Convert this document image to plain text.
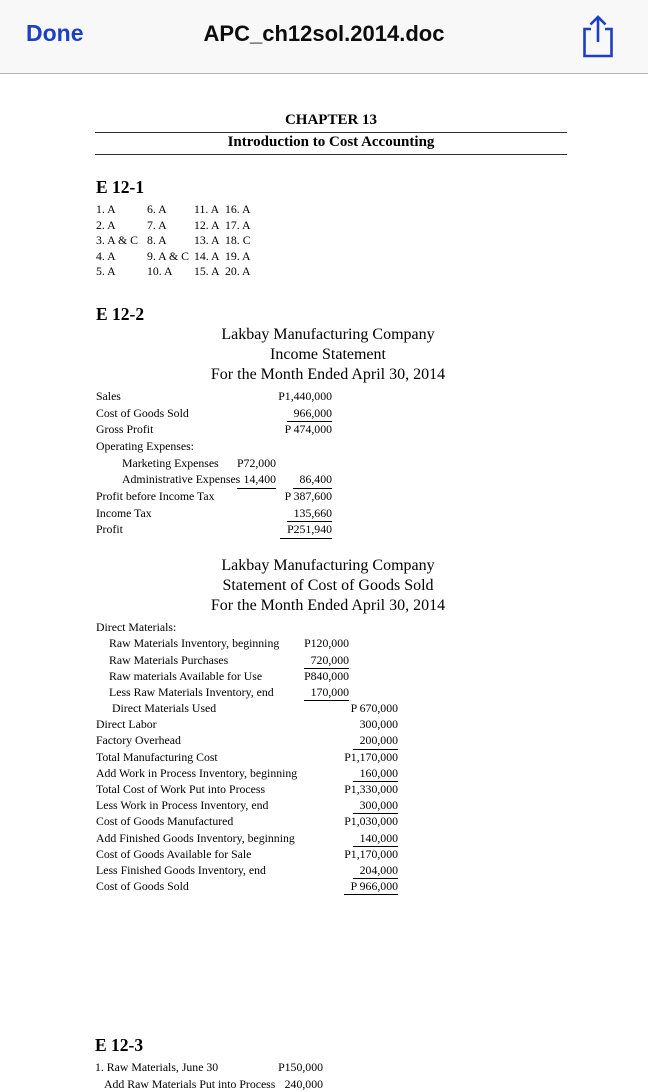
Done	APC_ch12sol.2014.doc
CHAPTER 13
Introduction to Cost Accounting
E 12-1
1. A	6. A	11. A 16. A
2. A	7. A	12. A 17. A
3. A & C 8. A	13. A 18. C
4. A	9. A & C 14. A 19. A
5. A	10. A	15. A 20. A
E 12-2
Lakbay Manufacturing Company
Income Statement
For the Month Ended April 30, 2014
Sales	P1,440,000
Cost of Goods Sold	966,000
Gross Profit	P 474,000
Operating Expenses:
Marketing Expenses P72,000
Administrative Expenses 14,400	86,400
Profit before Income Tax	P 387,600
Income Tax	135,660
Profit	P251,940
Lakbay Manufacturing Company
Statement of Cost of Goods Sold
For the Month Ended April 30, 2014
Direct Materials:
Raw Materials Inventory, beginning P120,000
Raw Materials Purchases	720,000
Raw materials Available for Use	P840,000
Less Raw Materials Inventory, end	170,000
Direct Materials Used	P 670,000
Direct Labor	300,000
Factory Overhead	200,000
Total Manufacturing Cost	P1,170,000
Add Work in Process Inventory, beginning	160,000
Total Cost of Work Put into Process	P1,330,000
Less Work in Process Inventory, end	300,000
Cost of Goods Manufactured	P1,030,000
Add Finished Goods Inventory, beginning	140,000
Cost of Goods Available for Sale	P1,170,000
Less Finished Goods Inventory, end	204,000
Cost of Goods Sold	P 966,000
E 12-3
1. Raw Materials, June 30	P150,000
Add Raw Materials Put into Process 240,000
